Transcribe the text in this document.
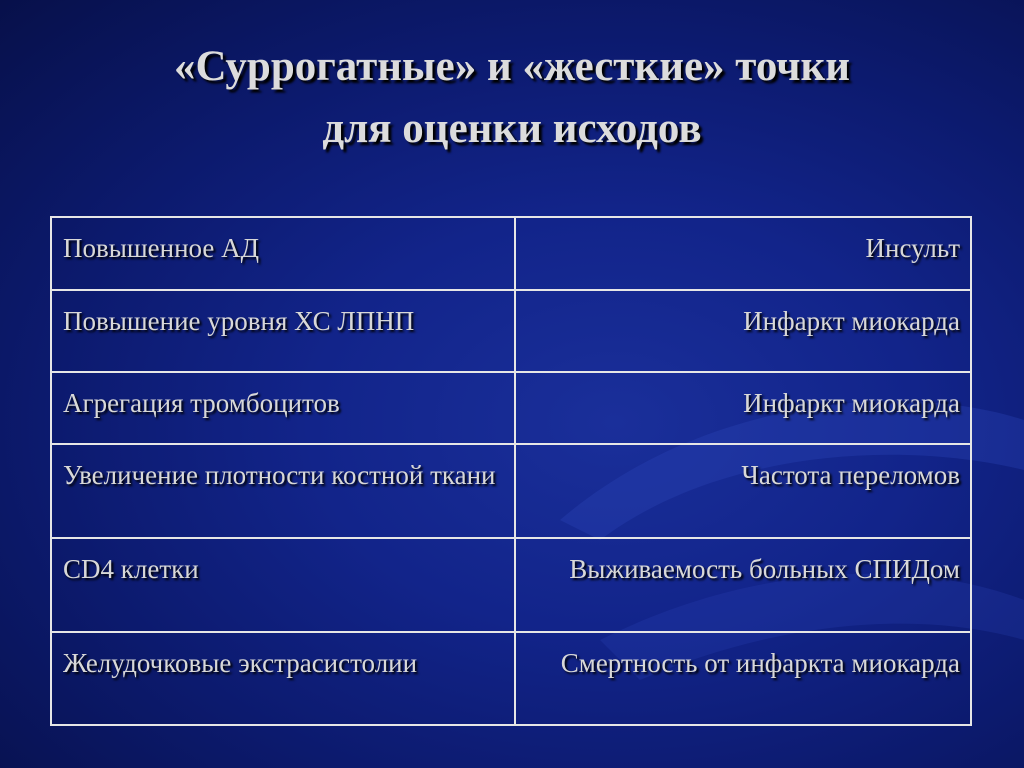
«Суррогатные» и «жесткие» точки
для оценки исходов
Повышенное АД	Инсульт
Повышение уровня ХС ЛПНП	Инфаркт миокарда
Агрегация тромбоцитов	Инфаркт миокарда
Увеличение плотности костной ткани	Частота переломов
CD4 клетки	Выживаемость больных СПИДом
Желудочковые экстрасистолии	Смертность от инфаркта миокарда
